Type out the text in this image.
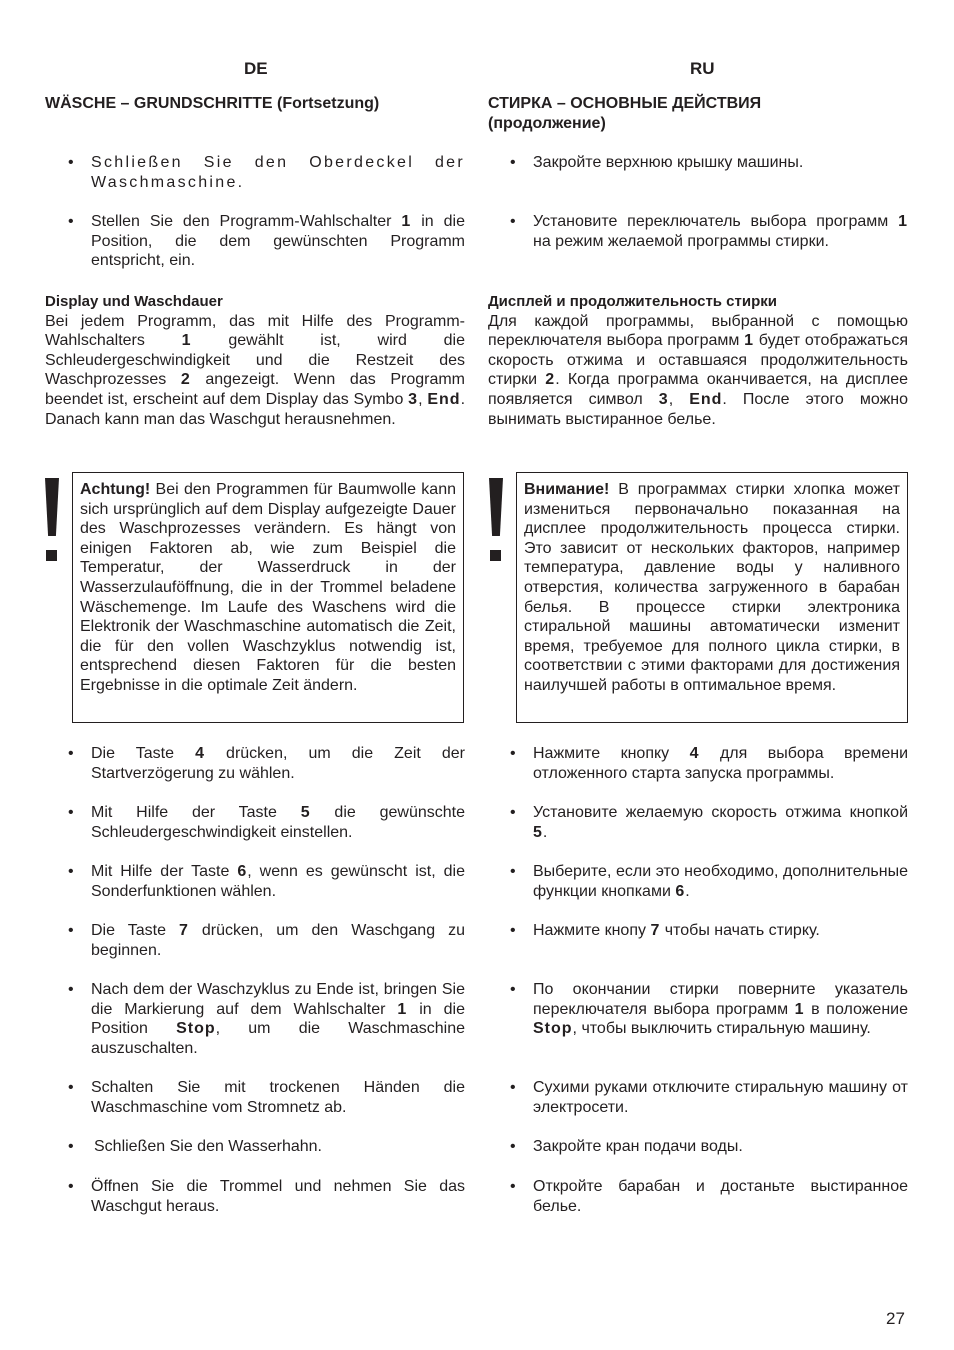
DE	RU
WÄSCHE – GRUNDSCHRITTE (Fortsetzung)
• Schließen Sie den Oberdeckel der Waschmaschine.
• Stellen Sie den Programm-Wahlschalter 1 in die Position, die dem gewünschten Programm entspricht, ein.
Display und Waschdauer
Bei jedem Programm, das mit Hilfe des Programm-Wahlschalters 1 gewählt ist, wird die Schleudergeschwindigkeit und die Restzeit des Waschprozesses 2 angezeigt. Wenn das Programm beendet ist, erscheint auf dem Display das Symbo 3, End. Danach kann man das Waschgut herausnehmen.
Achtung! Bei den Programmen für Baumwolle kann sich ursprünglich auf dem Display aufgezeigte Dauer des Waschprozesses verändern. Es hängt von einigen Faktoren ab, wie zum Beispiel die Temperatur, der Wasserdruck in der Wasserzulauföffnung, die in der Trommel beladene Wäschemenge. Im Laufe des Waschens wird die Elektronik der Waschmaschine automatisch die Zeit, die für den vollen Waschzyklus notwendig ist, entsprechend diesen Faktoren für die besten Ergebnisse in die optimale Zeit ändern.
• Die Taste 4 drücken, um die Zeit der Startverzögerung zu wählen.
• Mit Hilfe der Taste 5 die gewünschte Schleudergeschwindigkeit einstellen.
• Mit Hilfe der Taste 6, wenn es gewünscht ist, die Sonderfunktionen wählen.
• Die Taste 7 drücken, um den Waschgang zu beginnen.
• Nach dem der Waschzyklus zu Ende ist, bringen Sie die Markierung auf dem Wahlschalter 1 in die Position Stop, um die Waschmaschine auszuschalten.
• Schalten Sie mit trockenen Händen die Waschmaschine vom Stromnetz ab.
• Schließen Sie den Wasserhahn.
• Öffnen Sie die Trommel und nehmen Sie das Waschgut heraus.
СТИРКА – ОСНОВНЫЕ ДЕЙСТВИЯ
(продолжение)
• Закройте верхнюю крышку машины.
• Установите переключатель выбора программ 1 на режим желаемой программы стирки.
Дисплей и продолжительность стирки
Для каждой программы, выбранной с помощью переключателя выбора программ 1 будет отображаться скорость отжима и оставшаяся продолжительность стирки 2. Когда программа оканчивается, на дисплее появляется символ 3, End. После этого можно вынимать выстиранное белье.
Внимание! В программах стирки хлопка может измениться первоначально показанная на дисплее продолжительность процесса стирки. Это зависит от нескольких факторов, например температура, давление воды у наливного отверстия, количества загруженного в барабан белья. В процессе стирки электроника стиральной машины автоматически изменит время, требуемое для полного цикла стирки, в соответствии с этими факторами для достижения наилучшей работы в оптимальное время.
• Нажмите кнопку 4 для выбора времени отложенного старта запуска программы.
• Установите желаемую скорость отжима кнопкой 5.
• Выберите, если это необходимо, дополнительные функции кнопками 6.
• Нажмите кнопу 7 чтобы начать стирку.
• По окончании стирки поверните указатель переключателя выбора программ 1 в положение Stop, чтобы выключить стиральную машину.
• Сухими руками отключите стиральную машину от электросети.
• Закройте кран подачи воды.
• Откройте барабан и достаньте выстиранное белье.
27
